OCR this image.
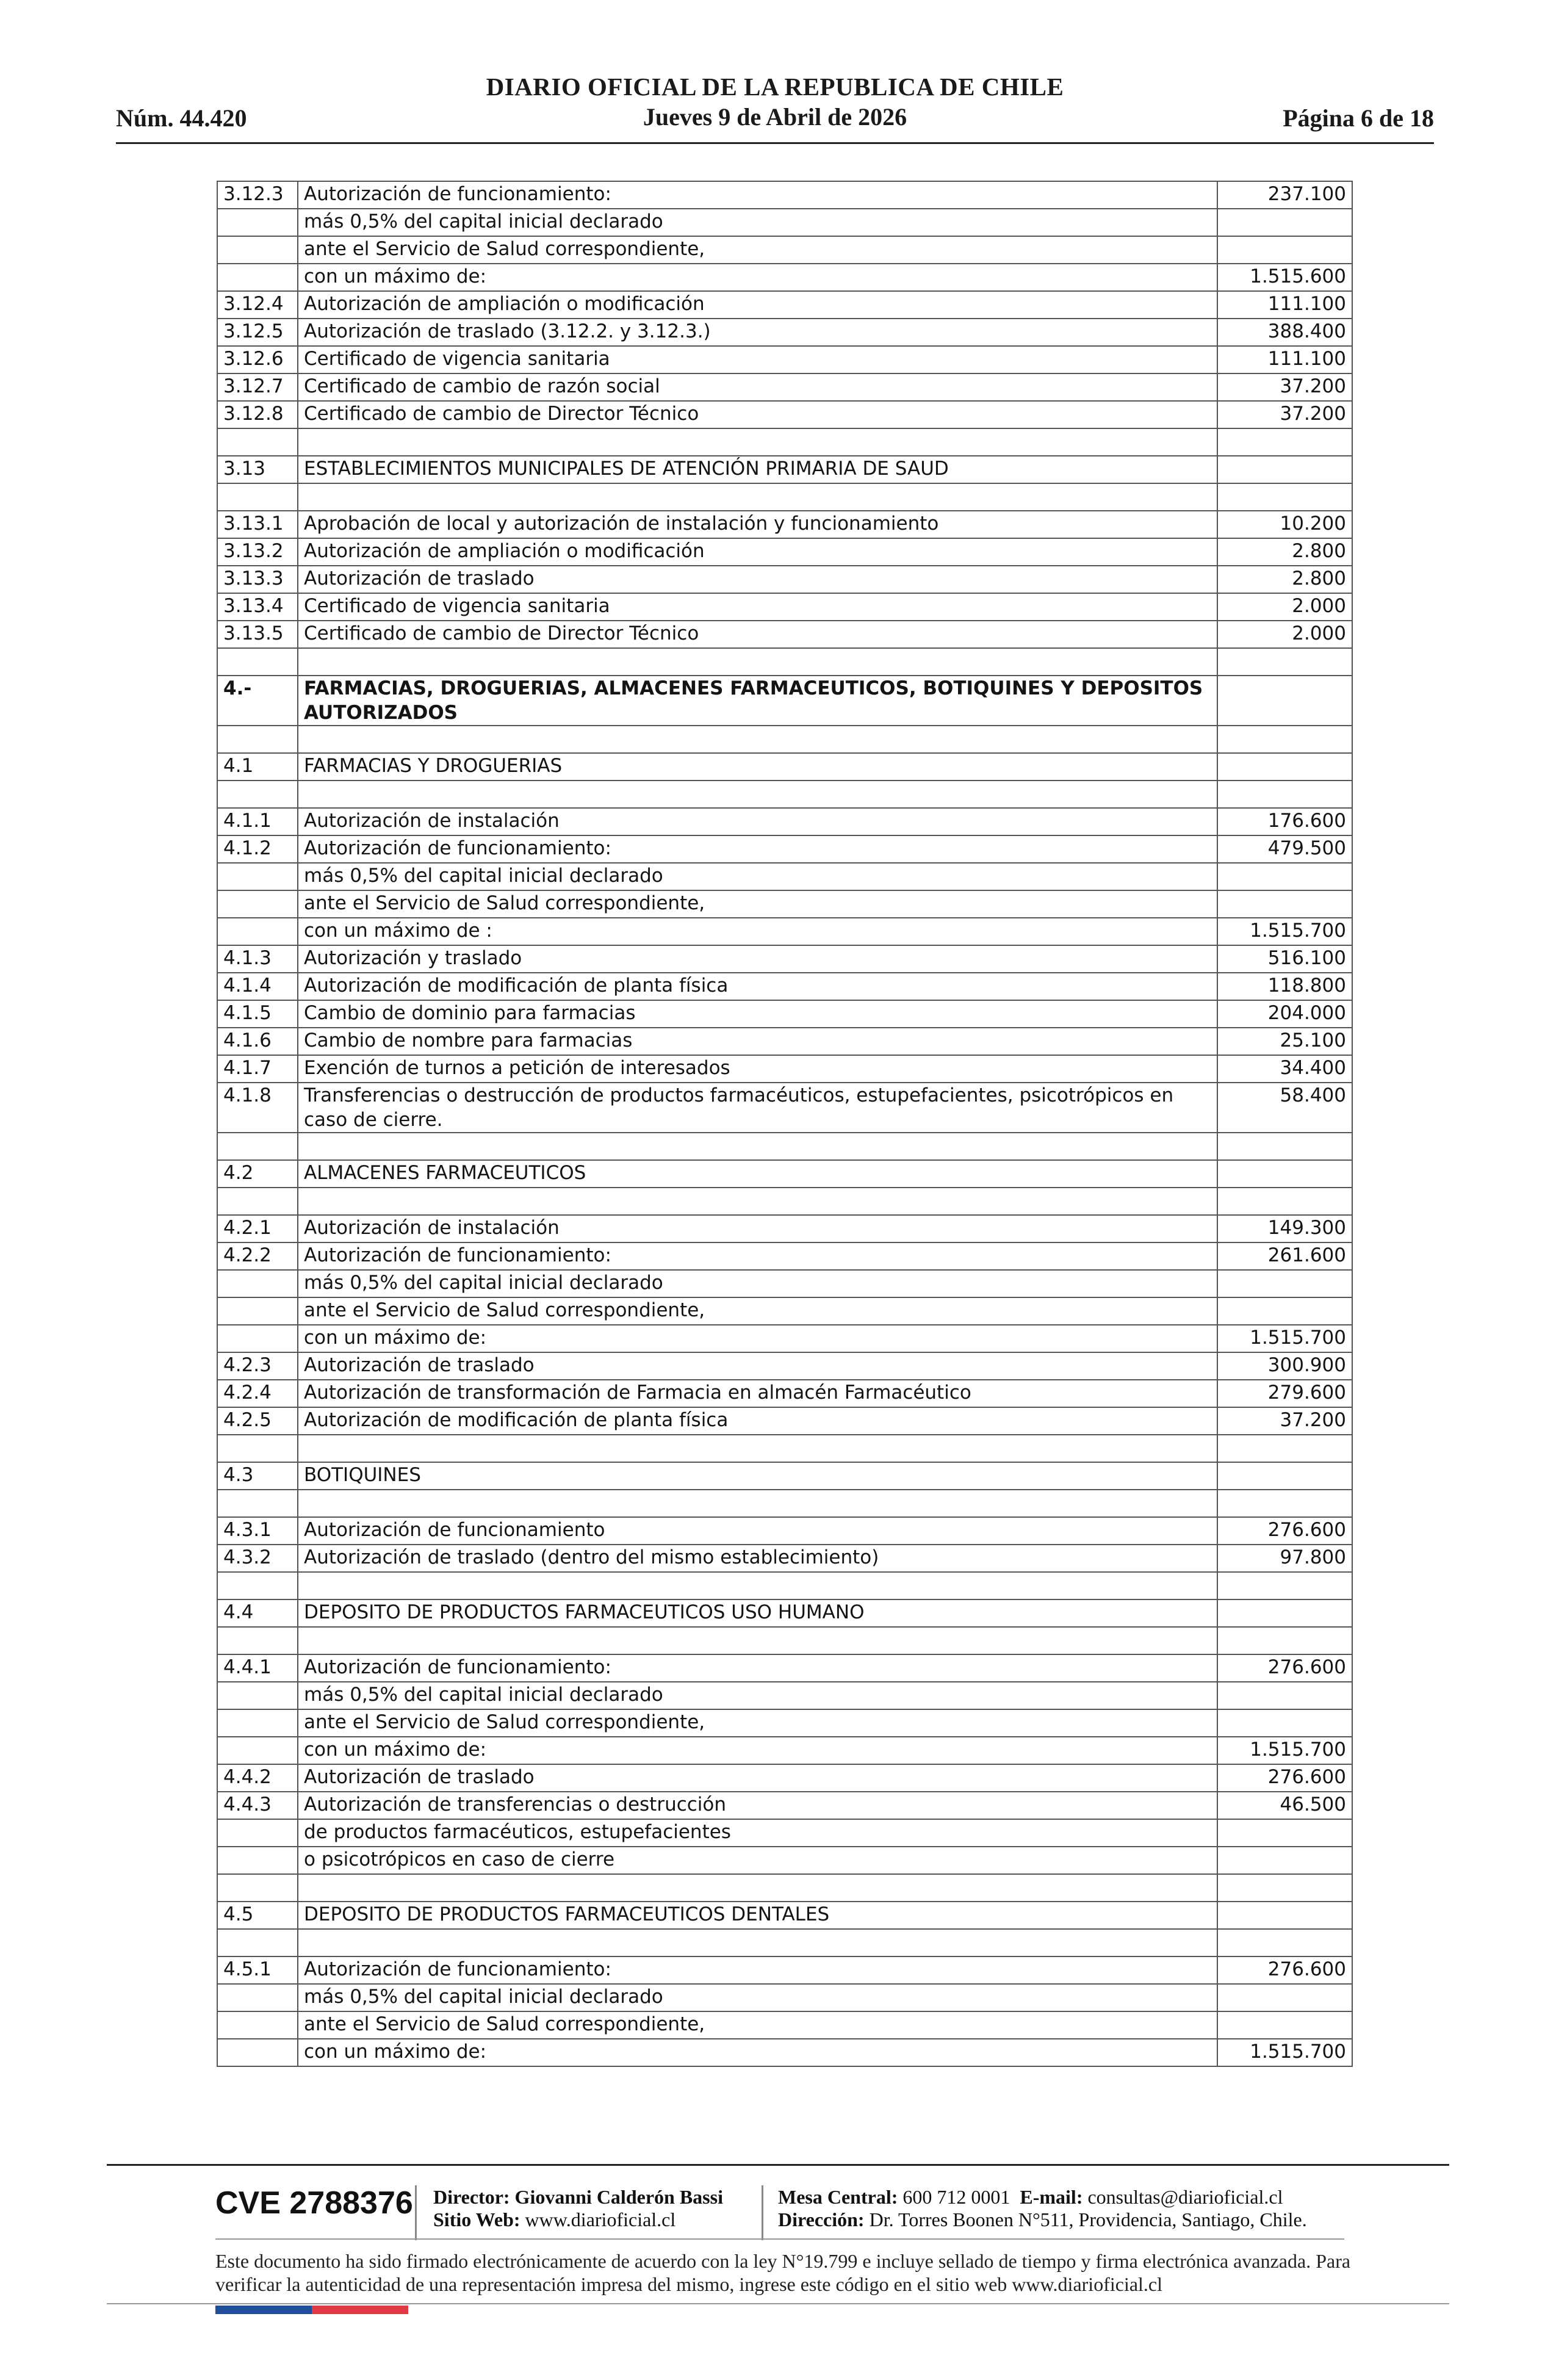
Núm. 44.420
DIARIO OFICIAL DE LA REPUBLICA DE CHILE
Jueves 9 de Abril de 2026	Página 6 de 18
3.12.3	Autorización de funcionamiento:	237.100
	más 0,5% del capital inicial declarado	
	ante el Servicio de Salud correspondiente,	
	con un máximo de:	1.515.600
3.12.4	Autorización de ampliación o modificación	111.100
3.12.5	Autorización de traslado (3.12.2. y 3.12.3.)	388.400
3.12.6	Certificado de vigencia sanitaria	111.100
3.12.7	Certificado de cambio de razón social	37.200
3.12.8	Certificado de cambio de Director Técnico	37.200

3.13	ESTABLECIMIENTOS MUNICIPALES DE ATENCIÓN PRIMARIA DE SAUD	

3.13.1	Aprobación de local y autorización de instalación y funcionamiento	10.200
3.13.2	Autorización de ampliación o modificación	2.800
3.13.3	Autorización de traslado	2.800
3.13.4	Certificado de vigencia sanitaria	2.000
3.13.5	Certificado de cambio de Director Técnico	2.000

4.-	FARMACIAS, DROGUERIAS, ALMACENES FARMACEUTICOS, BOTIQUINES Y DEPOSITOS AUTORIZADOS	

4.1	FARMACIAS Y DROGUERIAS	

4.1.1	Autorización de instalación	176.600
4.1.2	Autorización de funcionamiento:	479.500
	más 0,5% del capital inicial declarado	
	ante el Servicio de Salud correspondiente,	
	con un máximo de :	1.515.700
4.1.3	Autorización y traslado	516.100
4.1.4	Autorización de modificación de planta física	118.800
4.1.5	Cambio de dominio para farmacias	204.000
4.1.6	Cambio de nombre para farmacias	25.100
4.1.7	Exención de turnos a petición de interesados	34.400
4.1.8	Transferencias o destrucción de productos farmacéuticos, estupefacientes, psicotrópicos en caso de cierre.	58.400

4.2	ALMACENES FARMACEUTICOS	

4.2.1	Autorización de instalación	149.300
4.2.2	Autorización de funcionamiento:	261.600
	más 0,5% del capital inicial declarado	
	ante el Servicio de Salud correspondiente,	
	con un máximo de:	1.515.700
4.2.3	Autorización de traslado	300.900
4.2.4	Autorización de transformación de Farmacia en almacén Farmacéutico	279.600
4.2.5	Autorización de modificación de planta física	37.200

4.3	BOTIQUINES	

4.3.1	Autorización de funcionamiento	276.600
4.3.2	Autorización de traslado (dentro del mismo establecimiento)	97.800

4.4	DEPOSITO DE PRODUCTOS FARMACEUTICOS USO HUMANO	

4.4.1	Autorización de funcionamiento:	276.600
	más 0,5% del capital inicial declarado	
	ante el Servicio de Salud correspondiente,	
	con un máximo de:	1.515.700
4.4.2	Autorización de traslado	276.600
4.4.3	Autorización de transferencias o destrucción	46.500
	de productos farmacéuticos, estupefacientes	
	o psicotrópicos en caso de cierre	

4.5	DEPOSITO DE PRODUCTOS FARMACEUTICOS DENTALES	

4.5.1	Autorización de funcionamiento:	276.600
	más 0,5% del capital inicial declarado	
	ante el Servicio de Salud correspondiente,	
	con un máximo de:	1.515.700
CVE 2788376 Director: Giovanni Calderón Bassi
Sitio Web: www.diarioficial.cl
Mesa Central: 600 712 0001 E-mail: consultas@diarioficial.cl
Dirección: Dr. Torres Boonen N°511, Providencia, Santiago, Chile.
Este documento ha sido firmado electrónicamente de acuerdo con la ley N°19.799 e incluye sellado de tiempo y firma electrónica avanzada. Para verificar la autenticidad de una representación impresa del mismo, ingrese este código en el sitio web www.diarioficial.cl
